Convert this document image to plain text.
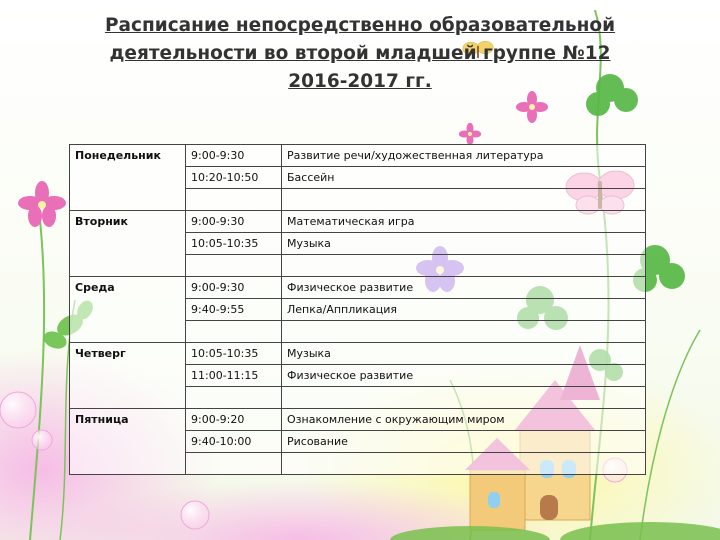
Расписание непосредственно образовательной
деятельности во второй младшей группе №12
2016-2017 гг.
Понедельник	9:00-9:30	Развитие речи/художественная литература
	10:20-10:50	Бассейн

Вторник	9:00-9:30	Математическая игра
	10:05-10:35	Музыка

Среда	9:00-9:30	Физическое развитие
	9:40-9:55	Лепка/Аппликация

Четверг	10:05-10:35	Музыка
	11:00-11:15	Физическое развитие

Пятница	9:00-9:20	Ознакомление с окружающим миром
	9:40-10:00	Рисование
